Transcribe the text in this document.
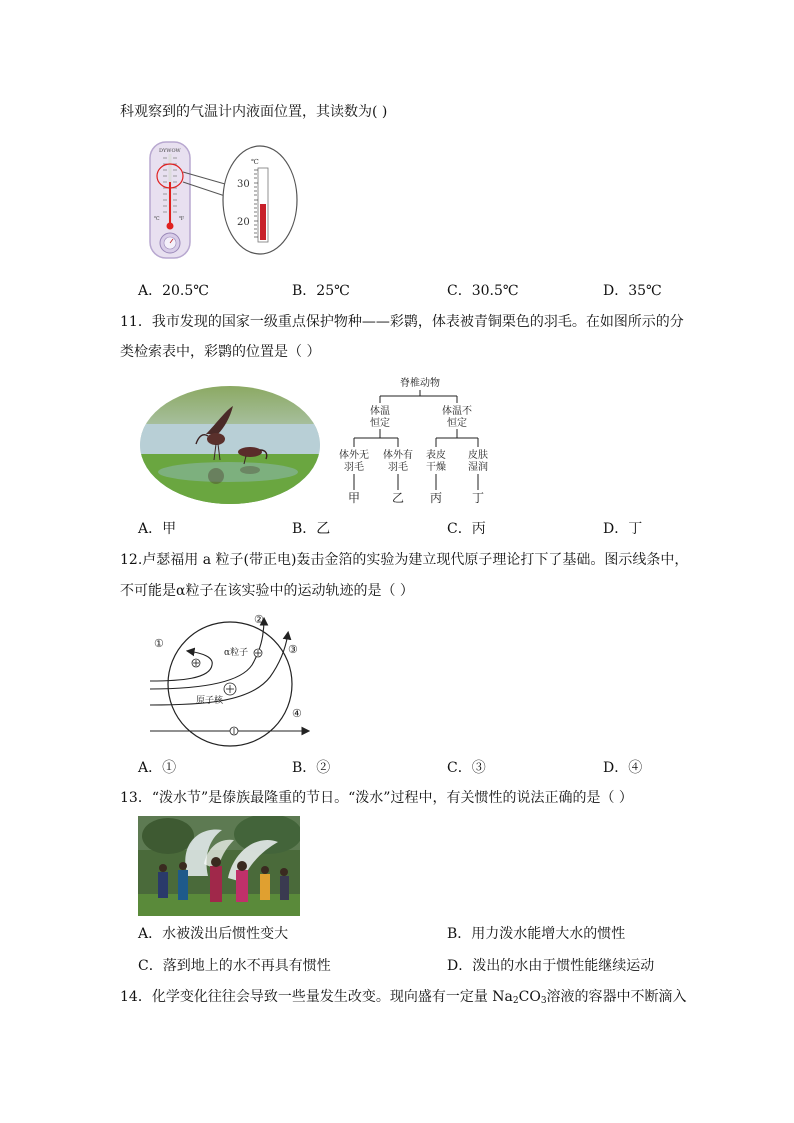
科观察到的气温计内液面位置，其读数为( )
DYWOW
℃	℉
℃
30
20
A．20.5℃	B．25℃	C．30.5℃	D．35℃
11．我市发现的国家一级重点保护物种——彩鹮，体表被青铜栗色的羽毛。在如图所示的分
类检索表中，彩鹮的位置是（ ）
脊椎动物
体温
恒定
体温不
恒定
体外无
羽毛
体外有
羽毛
表皮
干燥
皮肤
湿润
甲	乙 丙 丁
A．甲	B．乙	C．丙	D．丁
12.卢瑟福用 a 粒子(带正电)轰击金箔的实验为建立现代原子理论打下了基础。图示线条中，
不可能是α粒子在该实验中的运动轨迹的是（ ）
①
②
③
④
α粒子
原子核
A．①	B．②	C．③	D．④
13．“泼水节”是傣族最隆重的节日。“泼水”过程中，有关惯性的说法正确的是（ ）
A．水被泼出后惯性变大	B．用力泼水能增大水的惯性
C．落到地上的水不再具有惯性	D．泼出的水由于惯性能继续运动
14．化学变化往往会导致一些量发生改变。现向盛有一定量 $Na_2CO_3$溶液的容器中不断滴入
